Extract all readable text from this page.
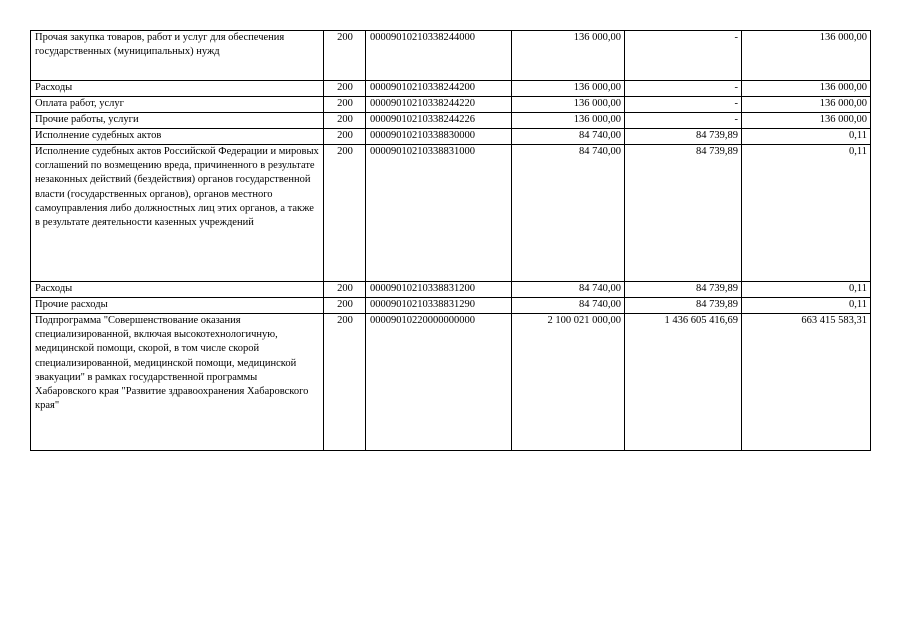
Прочая закупка товаров, работ и услуг для обеспечения государственных (муниципальных) нужд	200	00009010210338244000	136 000,00	-	136 000,00
Расходы	200	00009010210338244200	136 000,00	-	136 000,00
Оплата работ, услуг	200	00009010210338244220	136 000,00	-	136 000,00
Прочие работы, услуги	200	00009010210338244226	136 000,00	-	136 000,00
Исполнение судебных актов	200	00009010210338830000	84 740,00	84 739,89	0,11
Исполнение судебных актов Российской Федерации и мировых соглашений по возмещению вреда, причиненного в результате незаконных действий (бездействия) органов государственной власти (государственных органов), органов местного самоуправления либо должностных лиц этих органов, а также в результате деятельности казенных учреждений	200	00009010210338831000	84 740,00	84 739,89	0,11
Расходы	200	00009010210338831200	84 740,00	84 739,89	0,11
Прочие расходы	200	00009010210338831290	84 740,00	84 739,89	0,11
Подпрограмма "Совершенствование оказания специализированной, включая высокотехнологичную, медицинской помощи, скорой, в том числе скорой специализированной, медицинской помощи, медицинской эвакуации" в рамках государственной программы Хабаровского края "Развитие здравоохранения Хабаровского края"	200	00009010220000000000	2 100 021 000,00	1 436 605 416,69	663 415 583,31
